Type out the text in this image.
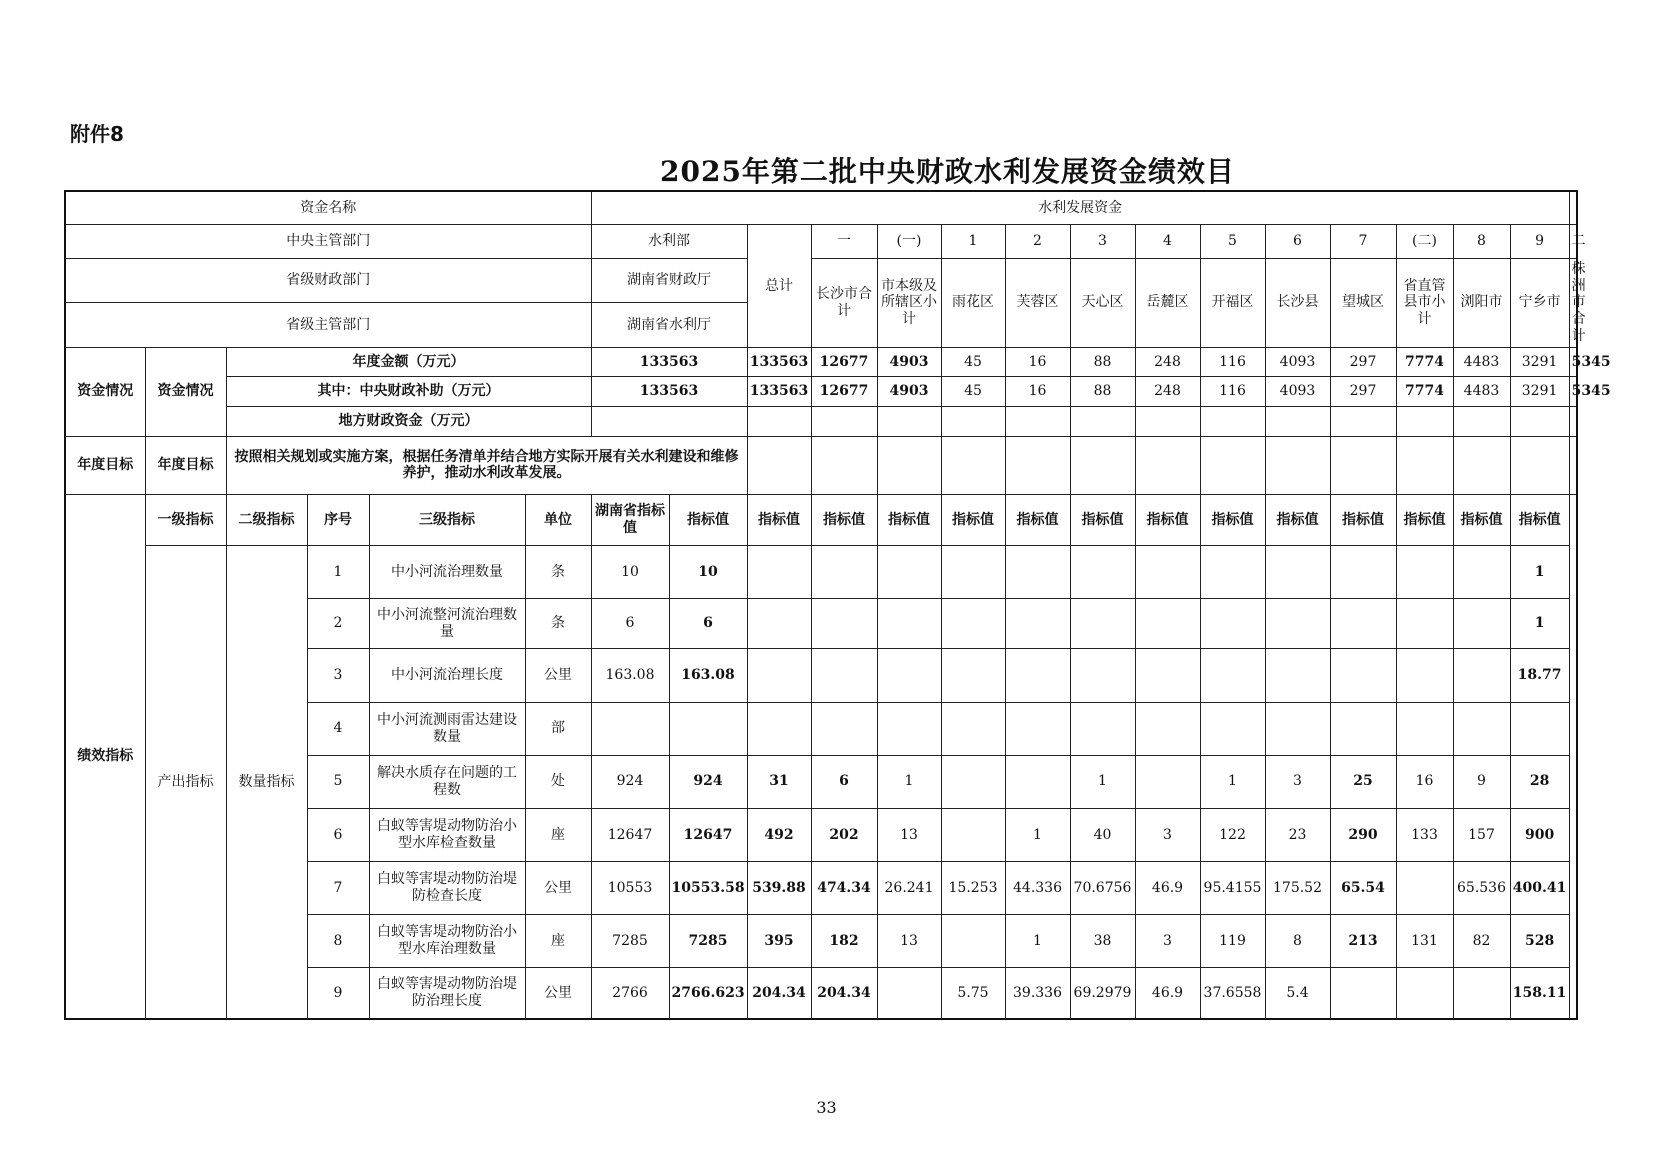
附件8
2025年第二批中央财政水利发展资金绩效目
资金名称						水利发展资金															
中央主管部门						水利部		总计	一	(一)	1	2	3	4	5	6	7	(二)	8	9	二
省级财政部门						湖南省财政厅			长沙市合计	市本级及所辖区小计	雨花区	芙蓉区	天心区	岳麓区	开福区	长沙县	望城区	省直管县市小计	浏阳市	宁乡市	株洲市合计
省级主管部门						湖南省水利厅															
资金情况	资金情况	年度金额（万元）				133563		133563	12677	4903	45	16	88	248	116	4093	297	7774	4483	3291	5345
		其中：中央财政补助（万元）				133563		133563	12677	4903	45	16	88	248	116	4093	297	7774	4483	3291	5345
		地方财政资金（万元）																			
年度目标	年度目标	按照相关规划或实施方案，根据任务清单并结合地方实际开展有关水利建设和维修养护，推动水利改革发展。																			
绩效指标	一级指标	二级指标	序号	三级指标	单位	湖南省指标值	指标值	指标值	指标值	指标值	指标值	指标值	指标值	指标值	指标值	指标值	指标值	指标值	指标值	指标值	
	产出指标	数量指标	1	中小河流治理数量	条	10	10													1	
			2	中小河流整河流治理数量	条	6	6													1	
			3	中小河流治理长度	公里	163.08	163.08													18.77	
			4	中小河流测雨雷达建设数量	部																
			5	解决水质存在问题的工程数	处	924	924	31	6	1			1		1	3	25	16	9	28	
			6	白蚁等害堤动物防治小型水库检查数量	座	12647	12647	492	202	13		1	40	3	122	23	290	133	157	900	
			7	白蚁等害堤动物防治堤防检查长度	公里	10553	10553.58	539.88	474.34	26.241	15.253	44.336	70.6756	46.9	95.4155	175.52	65.54		65.536	400.41	
			8	白蚁等害堤动物防治小型水库治理数量	座	7285	7285	395	182	13		1	38	3	119	8	213	131	82	528	
			9	白蚁等害堤动物防治堤防治理长度	公里	2766	2766.623	204.34	204.34		5.75	39.336	69.2979	46.9	37.6558	5.4				158.11	
33
